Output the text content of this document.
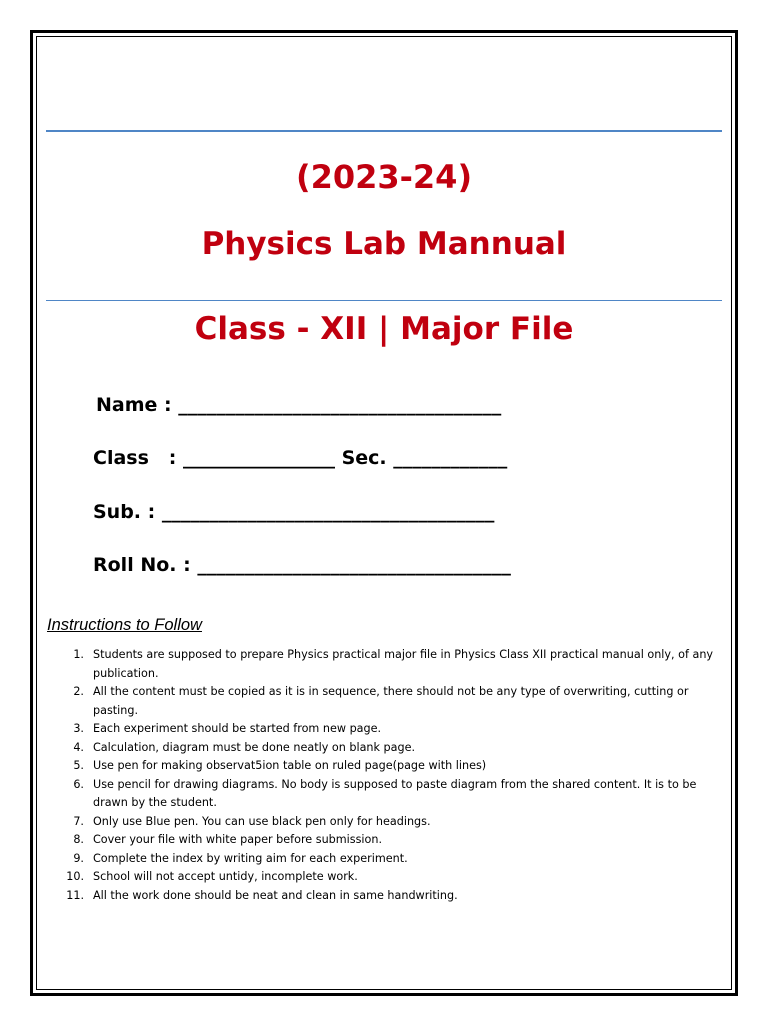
(2023-24)
Physics Lab Mannual
Class - XII | Major File
Name : __________________________________
Class   : ________________ Sec. ____________
Sub. : ___________________________________
Roll No. : _________________________________
Instructions to Follow
1. Students are supposed to prepare Physics practical major file in Physics Class XII practical manual only, of any publication.
2. All the content must be copied as it is in sequence, there should not be any type of overwriting, cutting or pasting.
3. Each experiment should be started from new page.
4. Calculation, diagram must be done neatly on blank page.
5. Use pen for making observat5ion table on ruled page(page with lines)
6. Use pencil for drawing diagrams. No body is supposed to paste diagram from the shared content. It is to be drawn by the student.
7. Only use Blue pen. You can use black pen only for headings.
8. Cover your file with white paper before submission.
9. Complete the index by writing aim for each experiment.
10. School will not accept untidy, incomplete work.
11. All the work done should be neat and clean in same handwriting.
